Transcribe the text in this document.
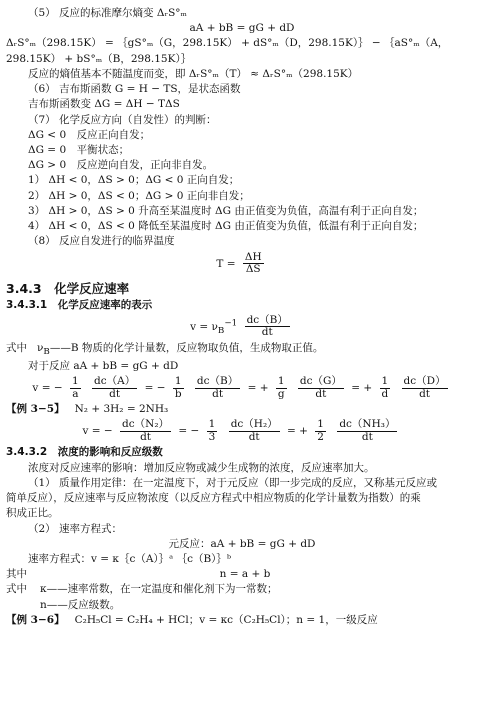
（5） 反应的标准摩尔熵变 ΔᵣS°ₘ
aA + bB = gG + dD
ΔᵣS°ₘ（298.15K） = ｛gS°ₘ（G，298.15K） + dS°ₘ（D，298.15K）｝ − ｛aS°ₘ（A，
298.15K） + bS°ₘ（B，298.15K）｝
反应的熵值基本不随温度而变，即 ΔᵣS°ₘ（T） ≈ ΔᵣS°ₘ（298.15K）
（6） 吉布斯函数 G = H − TS，是状态函数
吉布斯函数变 ΔG = ΔH − TΔS
（7） 化学反应方向（自发性）的判断：
ΔG < 0　反应正向自发；
ΔG = 0　平衡状态；
ΔG > 0　反应逆向自发，正向非自发。
1） ΔH < 0，ΔS > 0；ΔG < 0 正向自发；
2） ΔH > 0，ΔS < 0；ΔG > 0 正向非自发；
3） ΔH > 0，ΔS > 0 升高至某温度时 ΔG 由正值变为负值，高温有利于正向自发；
4） ΔH < 0，ΔS < 0 降低至某温度时 ΔG 由正值变为负值，低温有利于正向自发；
（8） 反应自发进行的临界温度
$T = \frac{\Delta H}{\Delta S}$
3.4.3　化学反应速率
3.4.3.1　化学反应速率的表示
$v = \nu_B^{-1} \frac{dc(B)}{dt}$
式中 $\nu_B——B$ 物质的化学计量数，反应物取负值，生成物取正值。
对于反应 aA + bB = gG + dD
v = − $\frac{1}{a}$
$\frac{dc(A)}{dt}$ = − $\frac{1}{b}$
$\frac{dc(B)}{dt}$ = + $\frac{1}{g}$
$\frac{dc(G)}{dt}$ = + $\frac{1}{d}$
$\frac{dc(D)}{dt}$
【例 3−5】 N₂ + 3H₂ = 2NH₃
v = − $\frac{\text{dc（N₂）}}{dt}$ = − $\frac{1}{3}$
$\frac{\text{dc（H₂）}}{dt}$ = + $\frac{1}{2}$
$\frac{\text{dc（NH₃）}}{dt}$
3.4.3.2　浓度的影响和反应级数
浓度对反应速率的影响：增加反应物或减少生成物的浓度，反应速率加大。
（1） 质量作用定律：在一定温度下，对于元反应（即一步完成的反应，又称基元反应或
简单反应），反应速率与反应物浓度（以反应方程式中相应物质的化学计量数为指数）的乘
积成正比。
（2） 速率方程式：
元反应：aA + bB = gG + dD
速率方程式：v = κ｛c（A）｝ᵃ ｛c（B）｝ᵇ
其中	n = a + b
式中	κ——速率常数，在一定温度和催化剂下为一常数；
n——反应级数。
【例 3−6】 C₂H₅Cl = C₂H₄ + HCl；v = κc（C₂H₅Cl）；n = 1，一级反应
